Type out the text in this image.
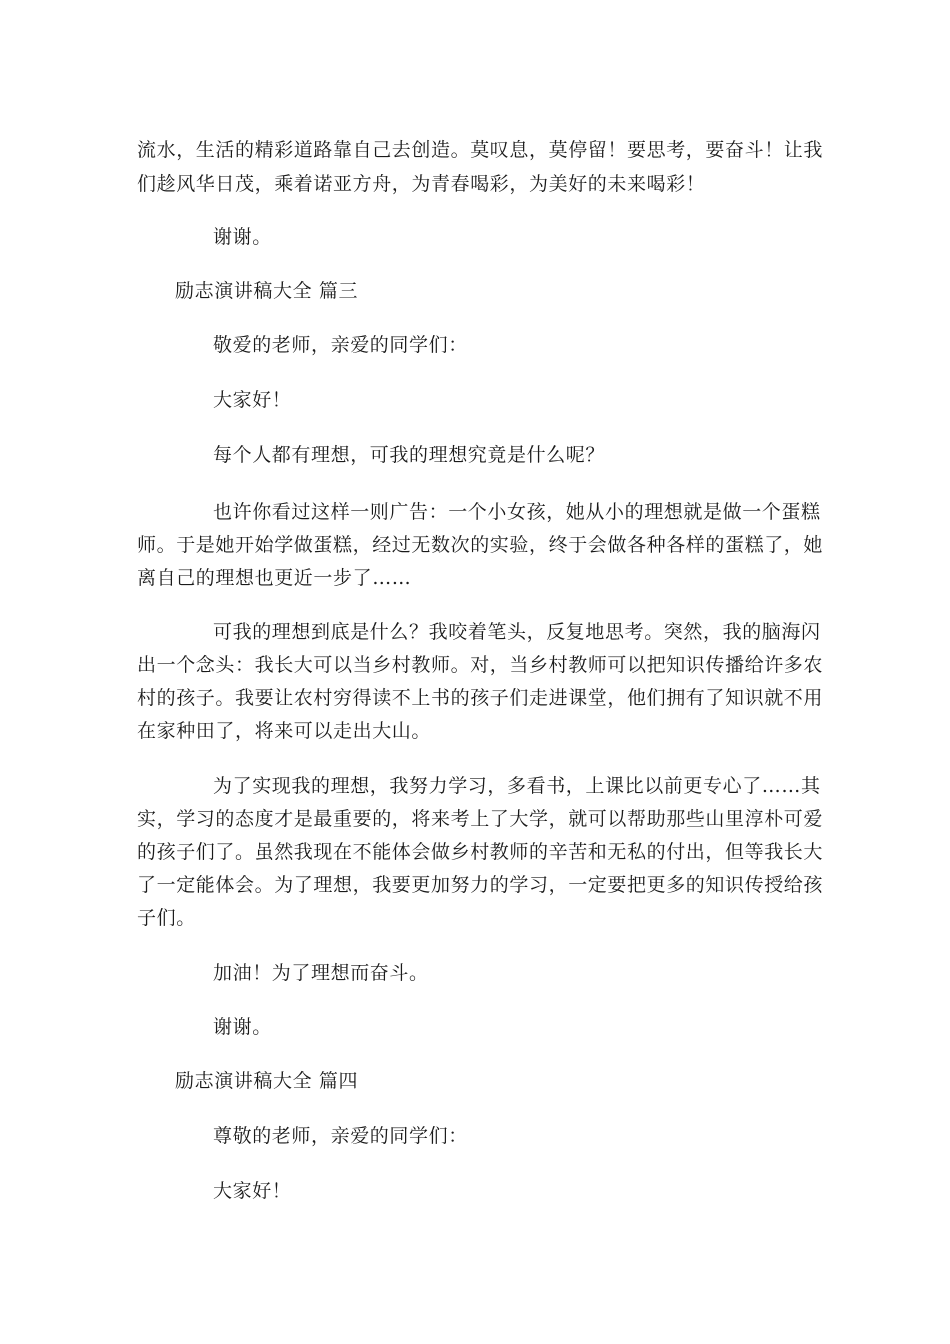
流水，生活的精彩道路靠自己去创造。莫叹息，莫停留！要思考，要奋斗！让我

们趁风华日茂，乘着诺亚方舟，为青春喝彩，为美好的未来喝彩！

谢谢。

励志演讲稿大全 篇三

敬爱的老师，亲爱的同学们：

大家好！

每个人都有理想，可我的理想究竟是什么呢？

也许你看过这样一则广告：一个小女孩，她从小的理想就是做一个蛋糕

师。于是她开始学做蛋糕，经过无数次的实验，终于会做各种各样的蛋糕了，她

离自己的理想也更近一步了……

可我的理想到底是什么？我咬着笔头，反复地思考。突然，我的脑海闪

出一个念头：我长大可以当乡村教师。对，当乡村教师可以把知识传播给许多农

村的孩子。我要让农村穷得读不上书的孩子们走进课堂，他们拥有了知识就不用

在家种田了，将来可以走出大山。

为了实现我的理想，我努力学习，多看书，上课比以前更专心了……其

实，学习的态度才是最重要的，将来考上了大学，就可以帮助那些山里淳朴可爱

的孩子们了。虽然我现在不能体会做乡村教师的辛苦和无私的付出，但等我长大

了一定能体会。为了理想，我要更加努力的学习，一定要把更多的知识传授给孩

子们。

加油！为了理想而奋斗。

谢谢。

励志演讲稿大全 篇四

尊敬的老师，亲爱的同学们：

大家好！
